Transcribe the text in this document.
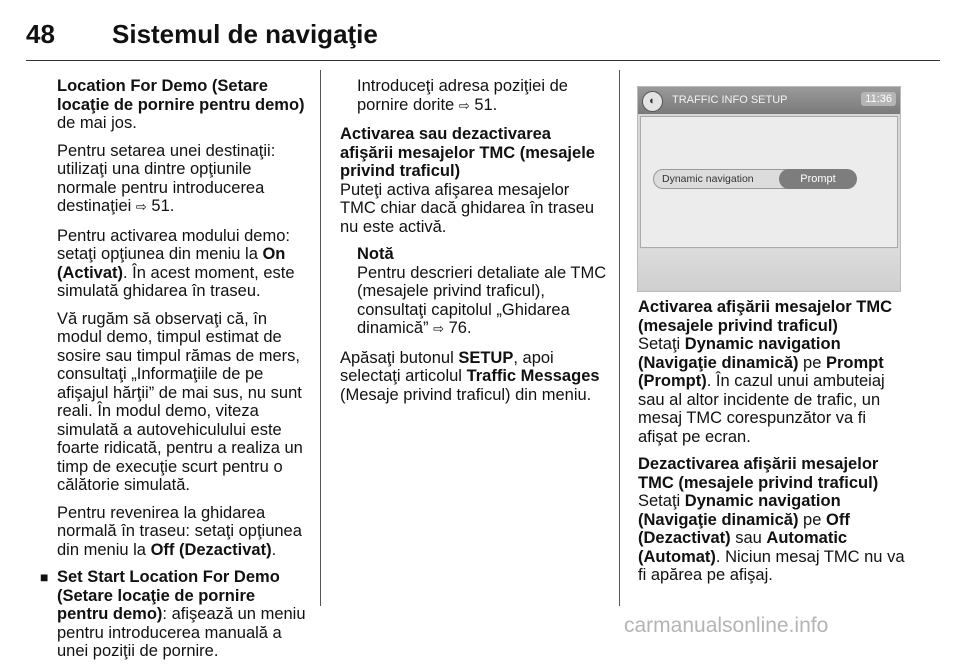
48	Sistemul de navigaţie

Location For Demo (Setare locaţie de pornire pentru demo) de mai jos.

Pentru setarea unei destinaţii: utilizaţi una dintre opţiunile normale pentru introducerea destinaţiei ⇨ 51.

Pentru activarea modului demo: setaţi opţiunea din meniu la On (Activat). În acest moment, este simulată ghidarea în traseu.

Vă rugăm să observaţi că, în modul demo, timpul estimat de sosire sau timpul rămas de mers, consultaţi „Informaţiile de pe afişajul hărţii” de mai sus, nu sunt reali. În modul demo, viteza simulată a autovehiculului este foarte ridicată, pentru a realiza un timp de execuţie scurt pentru o călătorie simulată.

Pentru revenirea la ghidarea normală în traseu: setaţi opţiunea din meniu la Off (Dezactivat).

■ Set Start Location For Demo (Setare locaţie de pornire pentru demo): afişează un meniu pentru introducerea manuală a unei poziţii de pornire.

Introduceţi adresa poziţiei de pornire dorite ⇨ 51.

Activarea sau dezactivarea afişării mesajelor TMC (mesajele privind traficul)

Puteţi activa afişarea mesajelor TMC chiar dacă ghidarea în traseu nu este activă.

Notă
Pentru descrieri detaliate ale TMC (mesajele privind traficul), consultaţi capitolul „Ghidarea dinamică” ⇨ 76.

Apăsaţi butonul SETUP, apoi selectaţi articolul Traffic Messages (Mesaje privind traficul) din meniu.

◐	TRAFFIC INFO SETUP	11:36
Dynamic navigation	Prompt

Activarea afişării mesajelor TMC (mesajele privind traficul)

Setaţi Dynamic navigation (Navigaţie dinamică) pe Prompt (Prompt). În cazul unui ambuteiaj sau al altor incidente de trafic, un mesaj TMC corespunzător va fi afişat pe ecran.

Dezactivarea afişării mesajelor TMC (mesajele privind traficul)

Setaţi Dynamic navigation (Navigaţie dinamică) pe Off (Dezactivat) sau Automatic (Automat). Niciun mesaj TMC nu va fi apărea pe afişaj.

carmanualsonline.info
